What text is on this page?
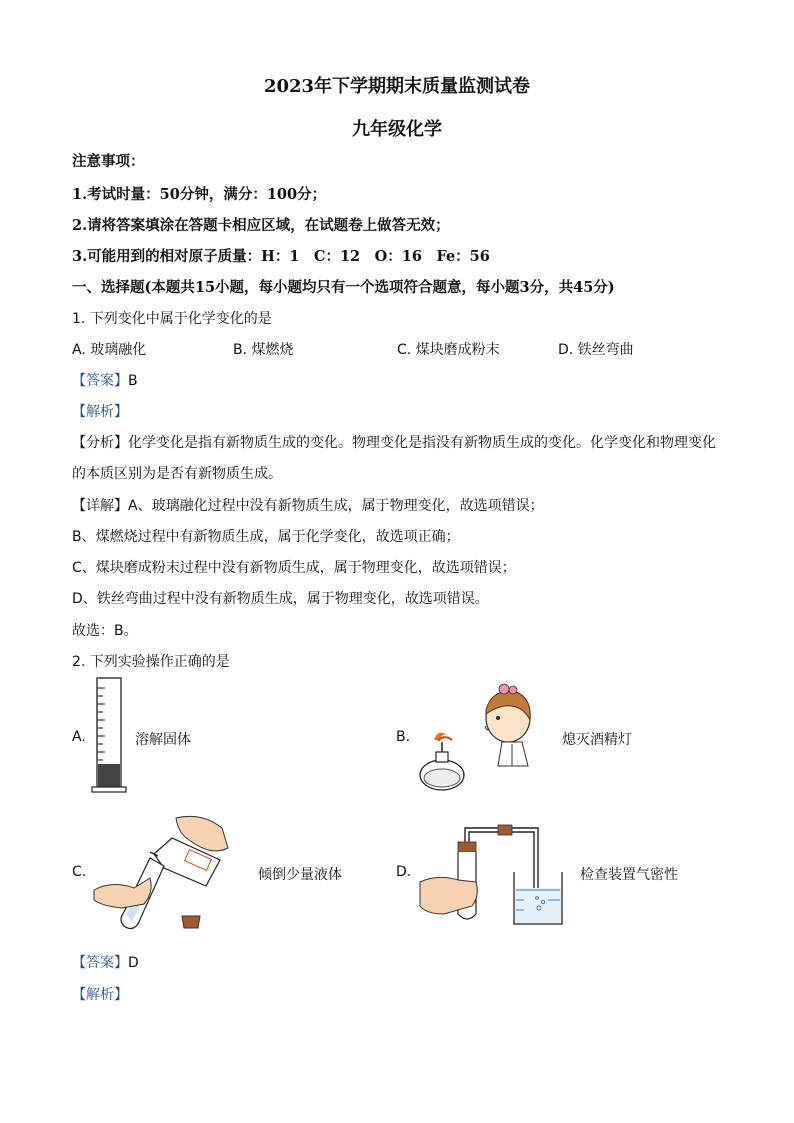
2023年下学期期末质量监测试卷
九年级化学
注意事项：
1.考试时量：50分钟，满分：100分；
2.请将答案填涂在答题卡相应区域，在试题卷上做答无效；
3.可能用到的相对原子质量：H：1　C：12　O：16　Fe：56
一、选择题(本题共15小题，每小题均只有一个选项符合题意，每小题3分，共45分)
1. 下列变化中属于化学变化的是
A. 玻璃融化	B. 煤燃烧	C. 煤块磨成粉末	D. 铁丝弯曲
【答案】B
【解析】
【分析】化学变化是指有新物质生成的变化。物理变化是指没有新物质生成的变化。化学变化和物理变化
的本质区别为是否有新物质生成。
【详解】A、玻璃融化过程中没有新物质生成，属于物理变化，故选项错误；
B、煤燃烧过程中有新物质生成，属于化学变化，故选项正确；
C、煤块磨成粉末过程中没有新物质生成，属于物理变化，故选项错误；
D、铁丝弯曲过程中没有新物质生成，属于物理变化，故选项错误。
故选：B。
2. 下列实验操作正确的是
A.	溶解固体	B.	熄灭酒精灯
C.	倾倒少量液体	D.	检查装置气密性
【答案】D
【解析】
